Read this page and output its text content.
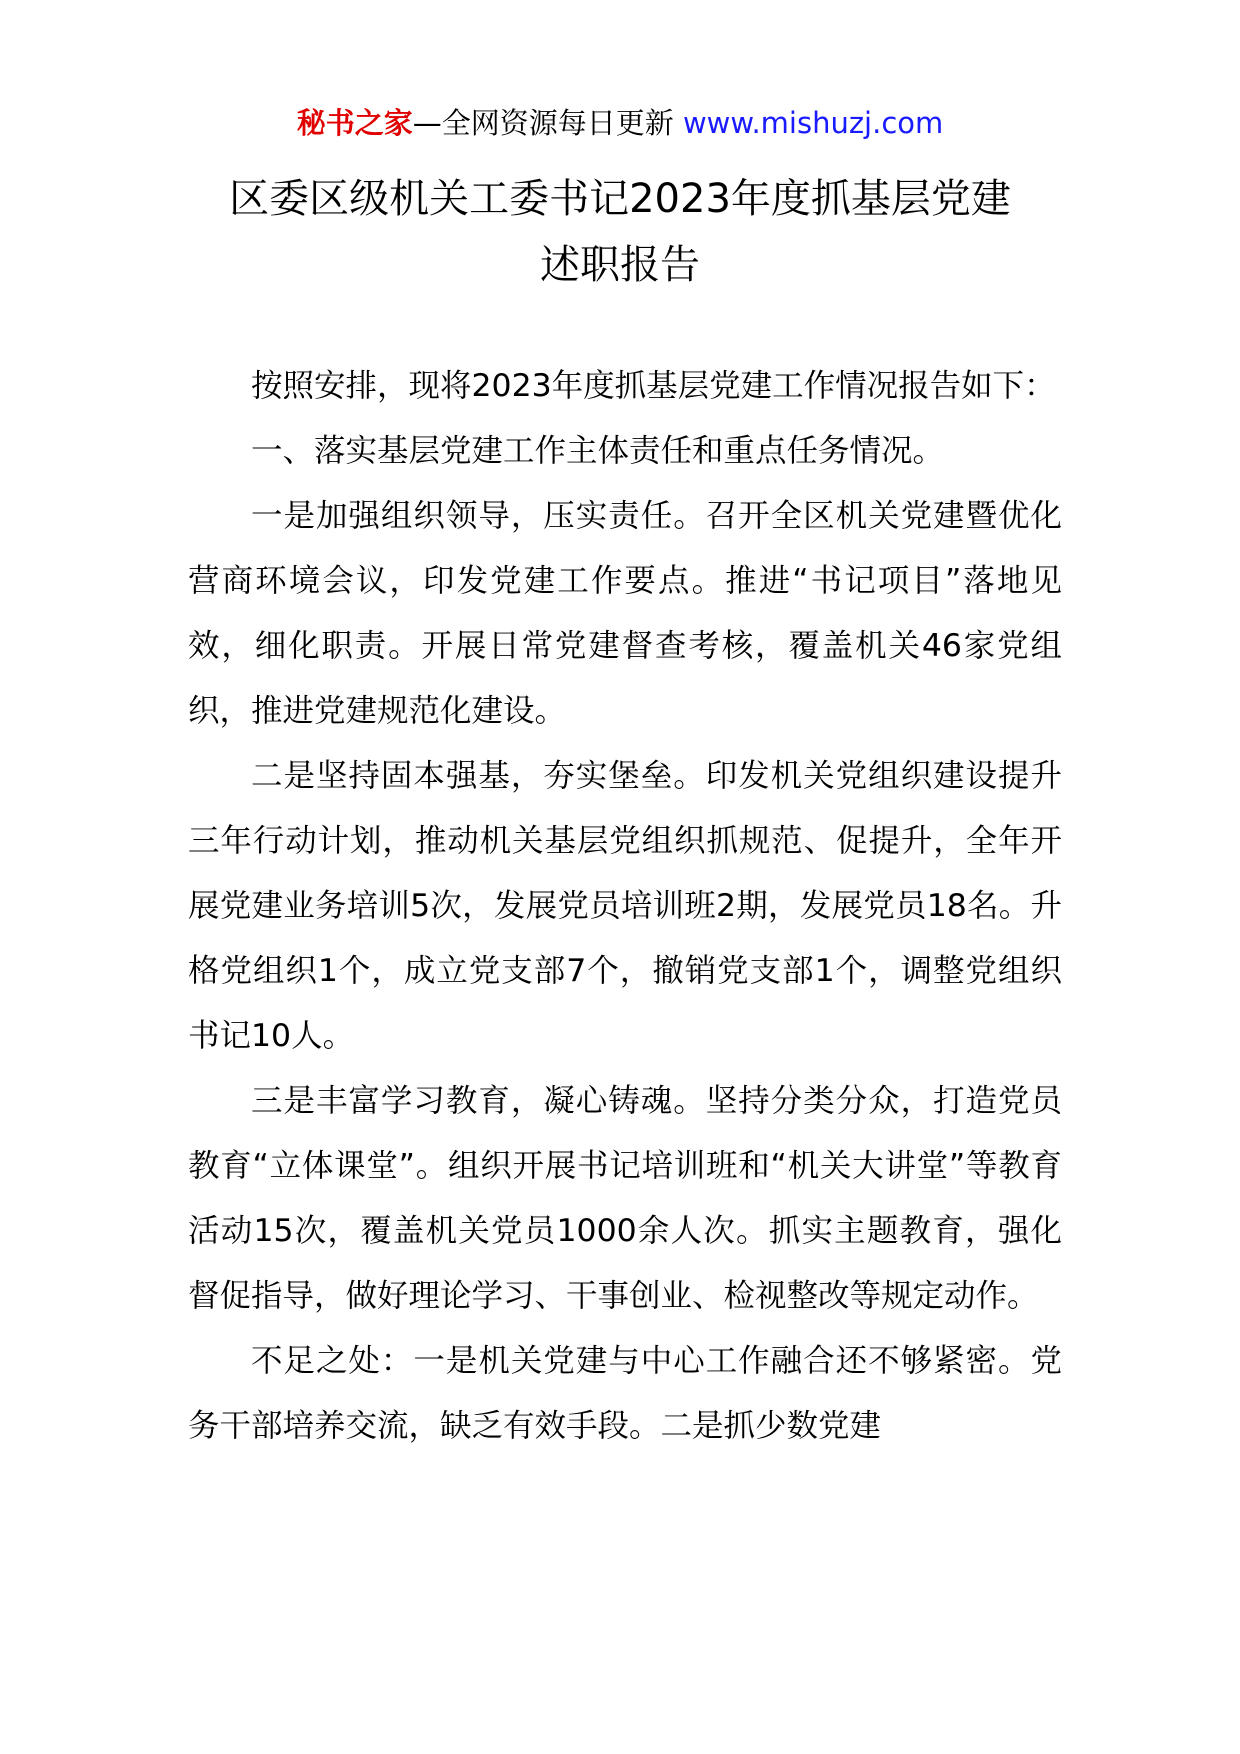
秘书之家—全网资源每日更新 www.mishuzj.com
区委区级机关工委书记2023年度抓基层党建
述职报告

按照安排，现将2023年度抓基层党建工作情况报告如下：

一、落实基层党建工作主体责任和重点任务情况。

一是加强组织领导，压实责任。召开全区机关党建暨优化营商环境会议，印发党建工作要点。推进“书记项目”落地见效，细化职责。开展日常党建督查考核，覆盖机关46家党组织，推进党建规范化建设。

二是坚持固本强基，夯实堡垒。印发机关党组织建设提升三年行动计划，推动机关基层党组织抓规范、促提升，全年开展党建业务培训5次，发展党员培训班2期，发展党员18名。升格党组织1个，成立党支部7个，撤销党支部1个，调整党组织书记10人。

三是丰富学习教育，凝心铸魂。坚持分类分众，打造党员教育“立体课堂”。组织开展书记培训班和“机关大讲堂”等教育活动15次，覆盖机关党员1000余人次。抓实主题教育，强化督促指导，做好理论学习、干事创业、检视整改等规定动作。

不足之处：一是机关党建与中心工作融合还不够紧密。党务干部培养交流，缺乏有效手段。二是抓少数党建
